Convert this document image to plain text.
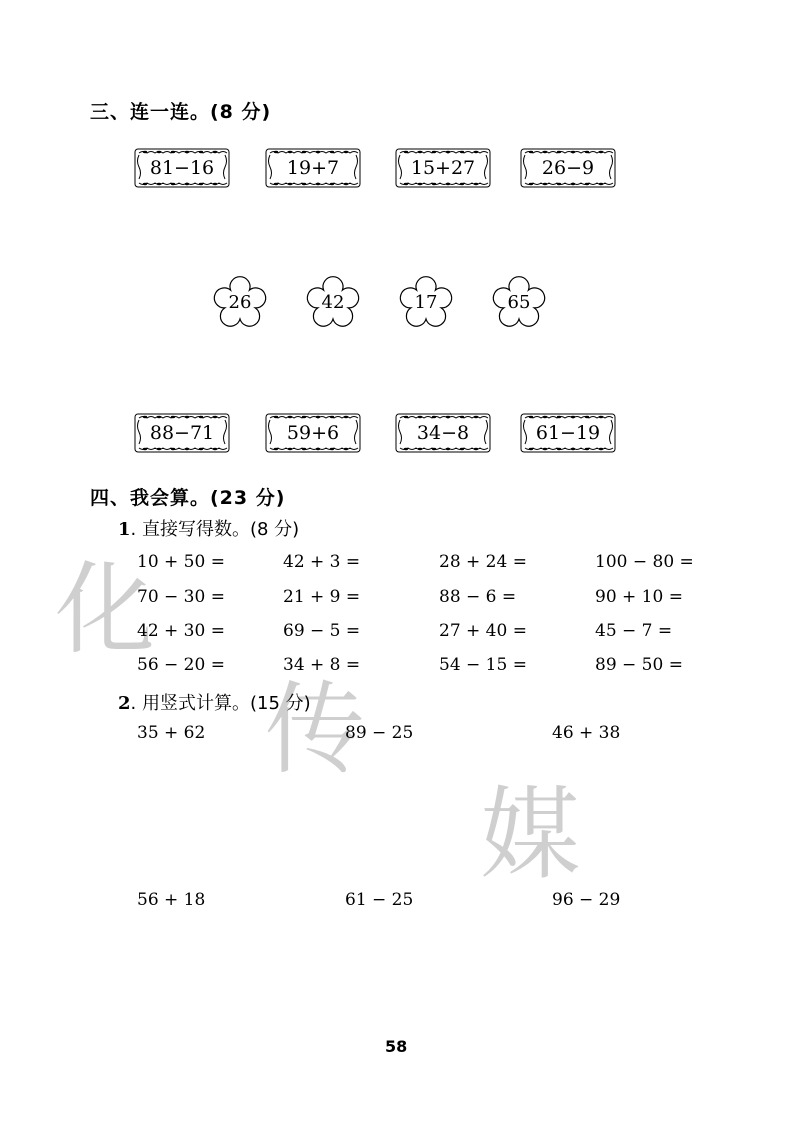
化
传
媒
三、连一连。(8 分)
81−16	19+7	15+27	26−9
26	42	17	65
88−71	59+6	34−8	61−19
四、我会算。(23 分)
1. 直接写得数。(8 分)
10 + 50 =	42 + 3 =	28 + 24 =	100 − 80 =
70 − 30 =	21 + 9 =	88 − 6 =	90 + 10 =
42 + 30 =	69 − 5 =	27 + 40 =	45 − 7 =
56 − 20 =	34 + 8 =	54 − 15 =	89 − 50 =
2. 用竖式计算。(15 分)
35 + 62	89 − 25	46 + 38
56 + 18	61 − 25	96 − 29
58
